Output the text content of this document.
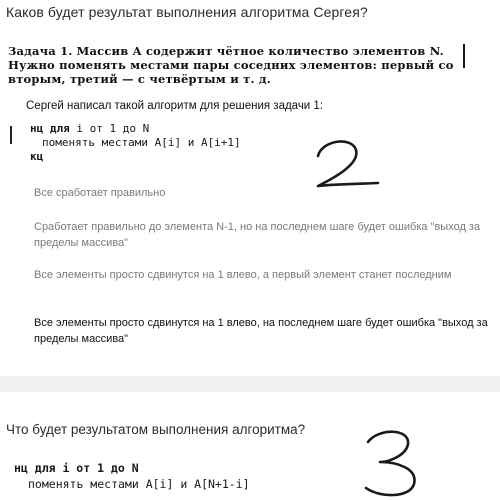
Каков будет результат выполнения алгоритма Сергея?
Задача 1. Массив A содержит чётное количество элементов N.
Нужно поменять местами пары соседних элементов: первый со
вторым, третий — с четвёртым и т. д.
Сергей написал такой алгоритм для решения задачи 1:
нц для i от 1 до N
поменять местами A[i] и A[i+1]
кц
Все сработает правильно
Сработает правильно до элемента N-1, но на последнем шаге будет ошибка "выход за пределы массива"
Все элементы просто сдвинутся на 1 влево, а первый элемент станет последним
Все элементы просто сдвинутся на 1 влево, на последнем шаге будет ошибка "выход за пределы массива"
Что будет результатом выполнения алгоритма?
нц для i от 1 до N
поменять местами A[i] и A[N+1-i]
